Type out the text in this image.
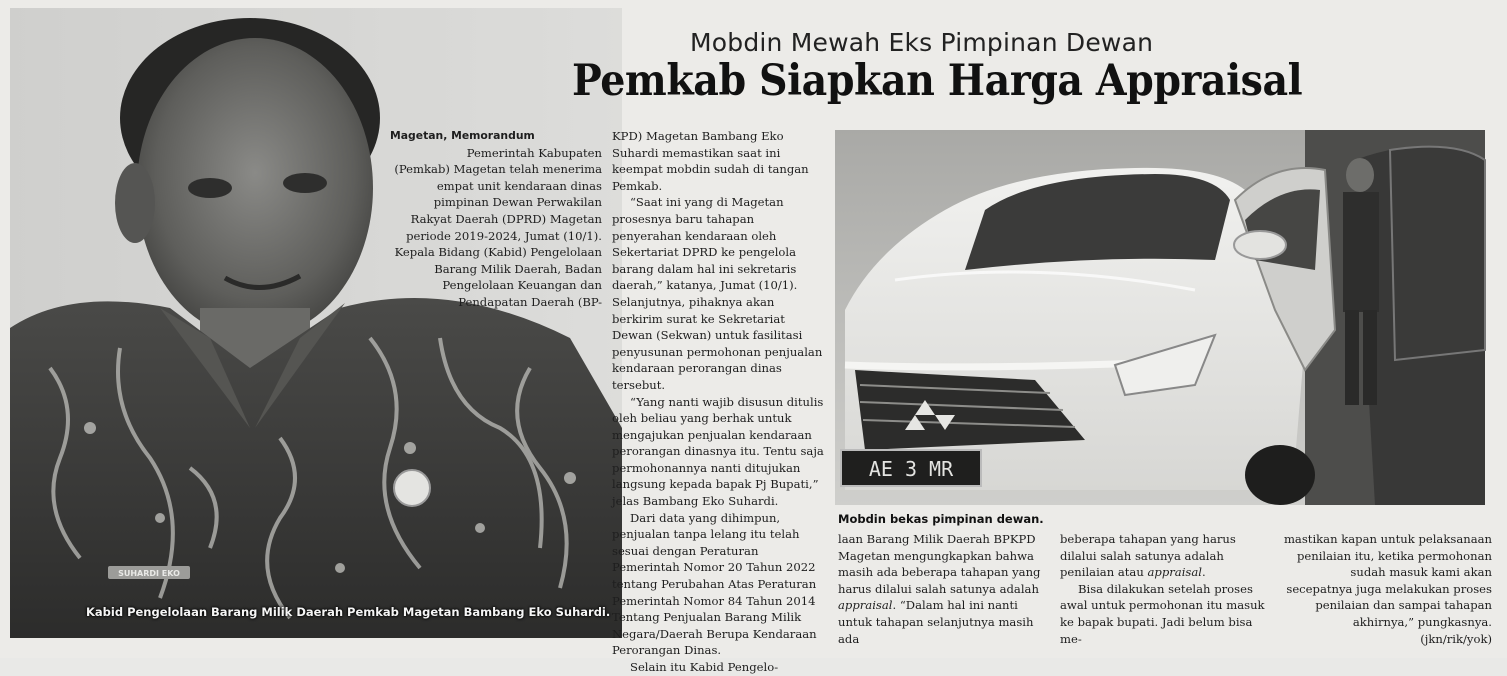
SUHARDI EKO
Kabid Pengelolaan Barang Milik Daerah Pemkab Magetan Bambang Eko Suhardi.
Mobdin Mewah Eks Pimpinan Dewan
Pemkab Siapkan Harga Appraisal
Magetan, Memorandum

Pemerintah Kabupaten (Pemkab) Magetan telah menerima empat unit kendaraan dinas pimpinan Dewan Perwakilan Rakyat Daerah (DPRD) Magetan periode 2019-2024, Jumat (10/1). Kepala Bidang (Kabid) Pengelolaan Barang Milik Daerah, Badan Pengelolaan Keuangan dan Pendapatan Daerah (BP-

KPD) Magetan Bambang Eko Suhardi memastikan saat ini keempat mobdin sudah di tangan Pemkab.

“Saat ini yang di Magetan prosesnya baru tahapan penyerahan kendaraan oleh Sekertariat DPRD ke pengelola barang dalam hal ini sekretaris daerah,” katanya, Jumat (10/1). Selanjutnya, pihaknya akan berkirim surat ke Sekretariat Dewan (Sekwan) untuk fasilitasi penyusunan permohonan penjualan kendaraan perorangan dinas tersebut.

“Yang nanti wajib disusun ditulis oleh beliau yang berhak untuk mengajukan penjualan kendaraan perorangan dinasnya itu. Tentu saja permohonannya nanti ditujukan langsung kepada bapak Pj Bupati,” jelas Bambang Eko Suhardi.

Dari data yang dihimpun, penjualan tanpa lelang itu telah sesuai dengan Peraturan Pemerintah Nomor 20 Tahun 2022 tentang Perubahan Atas Peraturan Pemerintah Nomor 84 Tahun 2014 Tentang Penjualan Barang Milik Negara/Daerah Berupa Kendaraan Perorangan Dinas.

Selain itu Kabid Pengelo-

AE 3 MR
Mobdin bekas pimpinan dewan.

laan Barang Milik Daerah BPKPD Magetan mengungkapkan bahwa masih ada beberapa tahapan yang harus dilalui salah satunya adalah appraisal. “Dalam hal ini nanti untuk tahapan selanjutnya masih ada

beberapa tahapan yang harus dilalui salah satunya adalah penilaian atau appraisal.

Bisa dilakukan setelah proses awal untuk permohonan itu masuk ke bapak bupati. Jadi belum bisa me-

mastikan kapan untuk pelaksanaan penilaian itu, ketika permohonan sudah masuk kami akan secepatnya juga melakukan proses penilaian dan sampai tahapan akhirnya,” pungkasnya. (jkn/rik/yok)
